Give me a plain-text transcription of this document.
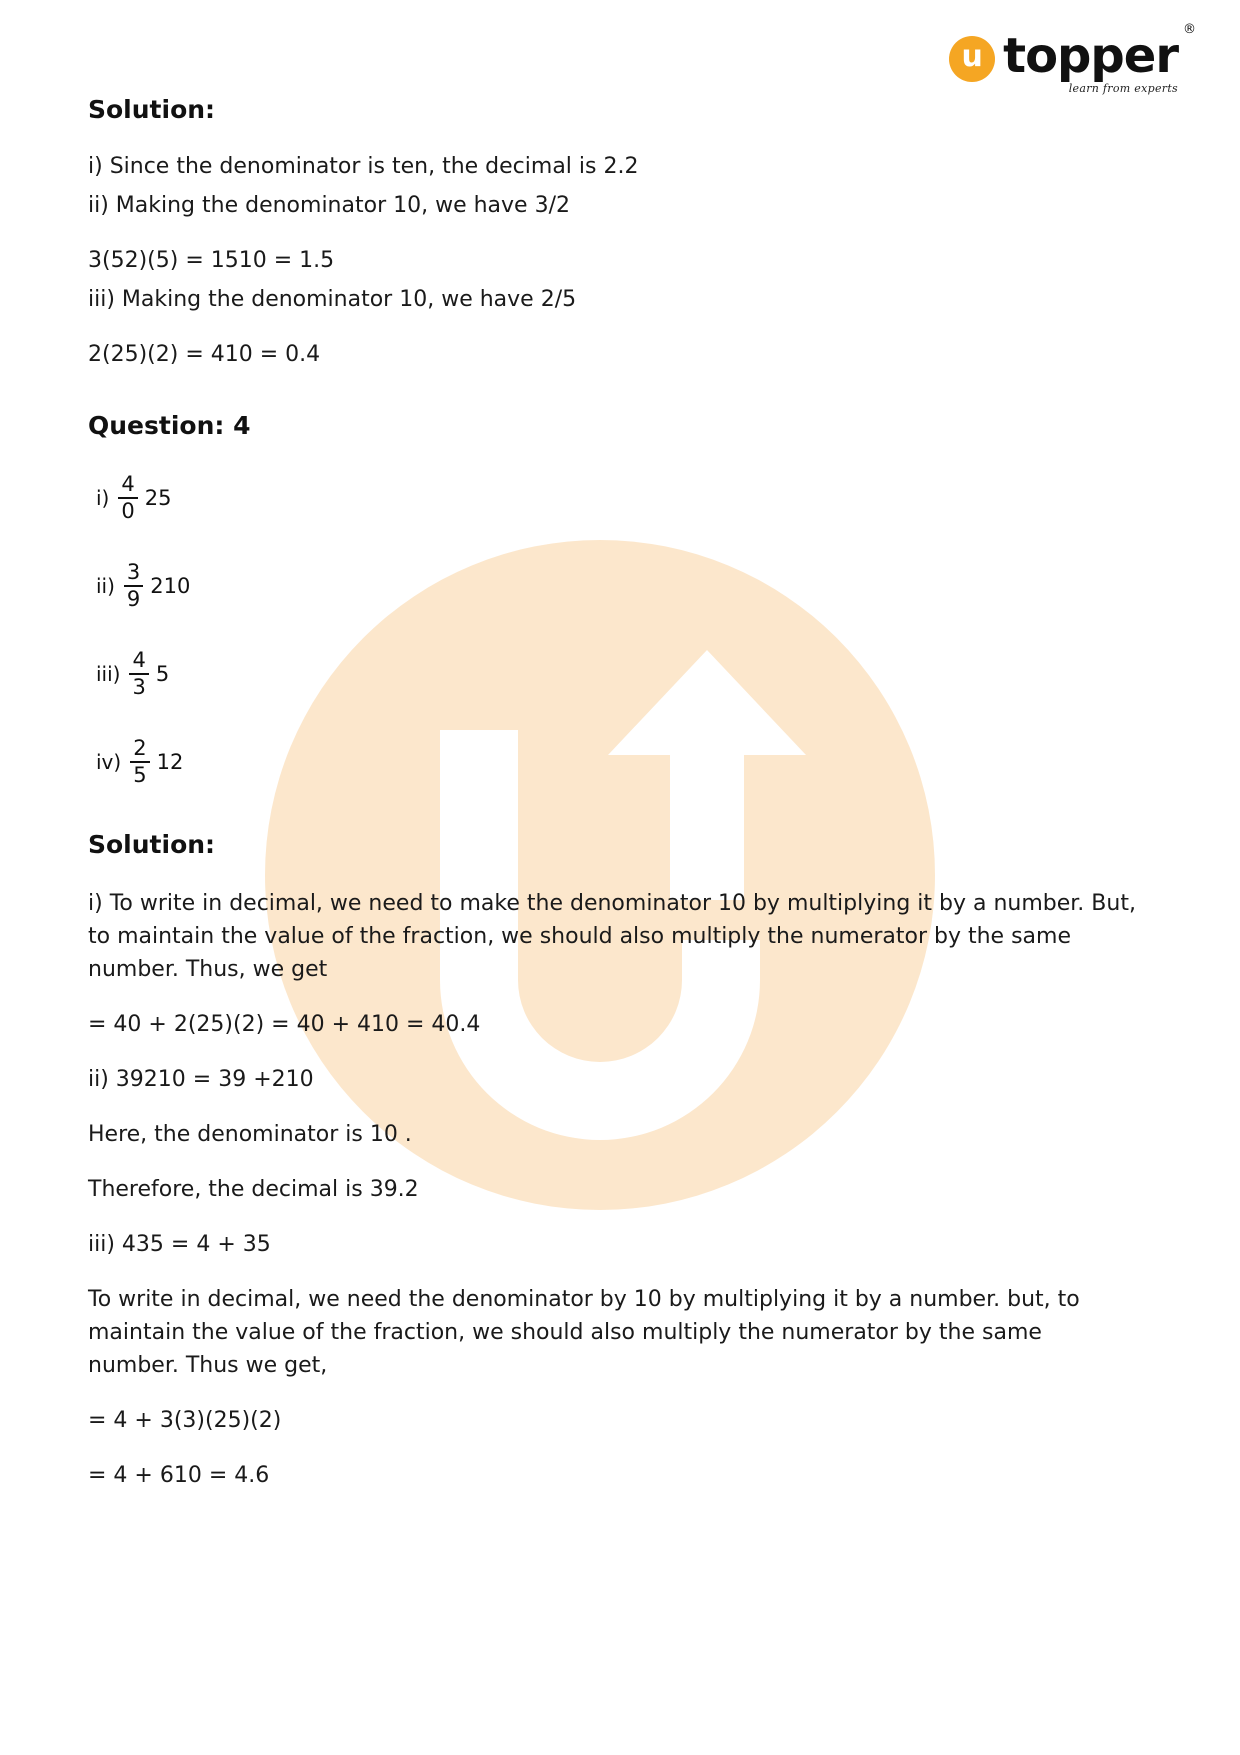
u topper ®
learn from experts
Solution:

i) Since the denominator is ten, the decimal is 2.2

ii) Making the denominator 10, we have 3/2

3(52)(5) = 1510 = 1.5

iii) Making the denominator 10, we have 2/5

2(25)(2) = 410 = 0.4

Question: 4
$i) \frac{4}{0} 25$
$ii) \frac{3}{9} 210$
$iii) \frac{4}{3} 5$
$iv) \frac{2}{5} 12$
Solution:

i) To write in decimal, we need to make the denominator 10 by multiplying it by a number. But, to maintain the value of the fraction, we should also multiply the numerator by the same number. Thus, we get

= 40 + 2(25)(2) = 40 + 410 = 40.4

ii) 39210 = 39 +210

Here, the denominator is 10 .

Therefore, the decimal is 39.2

iii) 435 = 4 + 35

To write in decimal, we need the denominator by 10 by multiplying it by a number. but, to maintain the value of the fraction, we should also multiply the numerator by the same number. Thus we get,

= 4 + 3(3)(25)(2)

= 4 + 610 = 4.6
